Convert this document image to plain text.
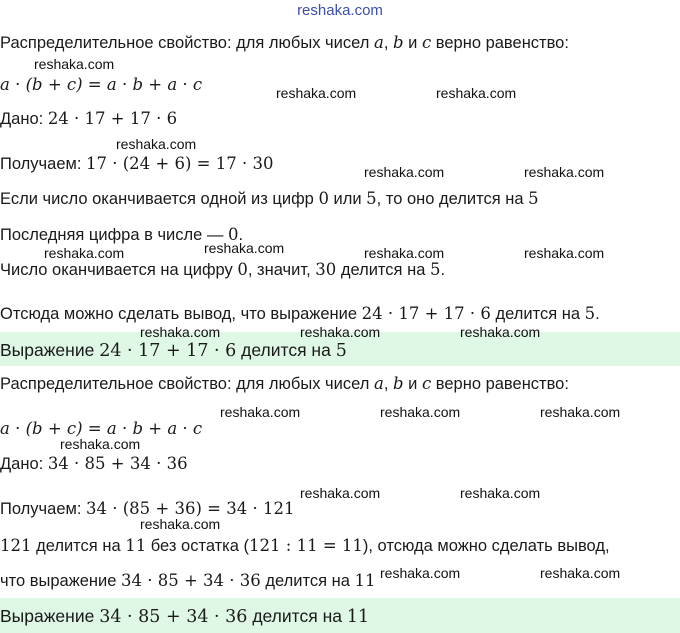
reshaka.com
Распределительное свойство: для любых чисел a, b и c верно равенство:
a · (b + c) = a · b + a · c
Дано: 24 · 17 + 17 · 6
Получаем: 17 · (24 + 6) = 17 · 30
Если число оканчивается одной из цифр 0 или 5, то оно делится на 5
Последняя цифра в числе — 0.
Число оканчивается на цифру 0, значит, 30 делится на 5.
Отсюда можно сделать вывод, что выражение 24 · 17 + 17 · 6 делится на 5.
Выражение 24 · 17 + 17 · 6 делится на 5
Распределительное свойство: для любых чисел a, b и c верно равенство:
a · (b + c) = a · b + a · c
Дано: 34 · 85 + 34 · 36
Получаем: 34 · (85 + 36) = 34 · 121
121 делится на 11 без остатка (121 : 11 = 11), отсюда можно сделать вывод,
что выражение 34 · 85 + 34 · 36 делится на 11
Выражение 34 · 85 + 34 · 36 делится на 11
reshaka.com
reshaka.com	reshaka.com
reshaka.com
reshaka.com	reshaka.com
reshaka.com
reshaka.com	reshaka.com	reshaka.com
reshaka.com	reshaka.com	reshaka.com
reshaka.com	reshaka.com	reshaka.com
reshaka.com
reshaka.com	reshaka.com
reshaka.com
reshaka.com	reshaka.com
